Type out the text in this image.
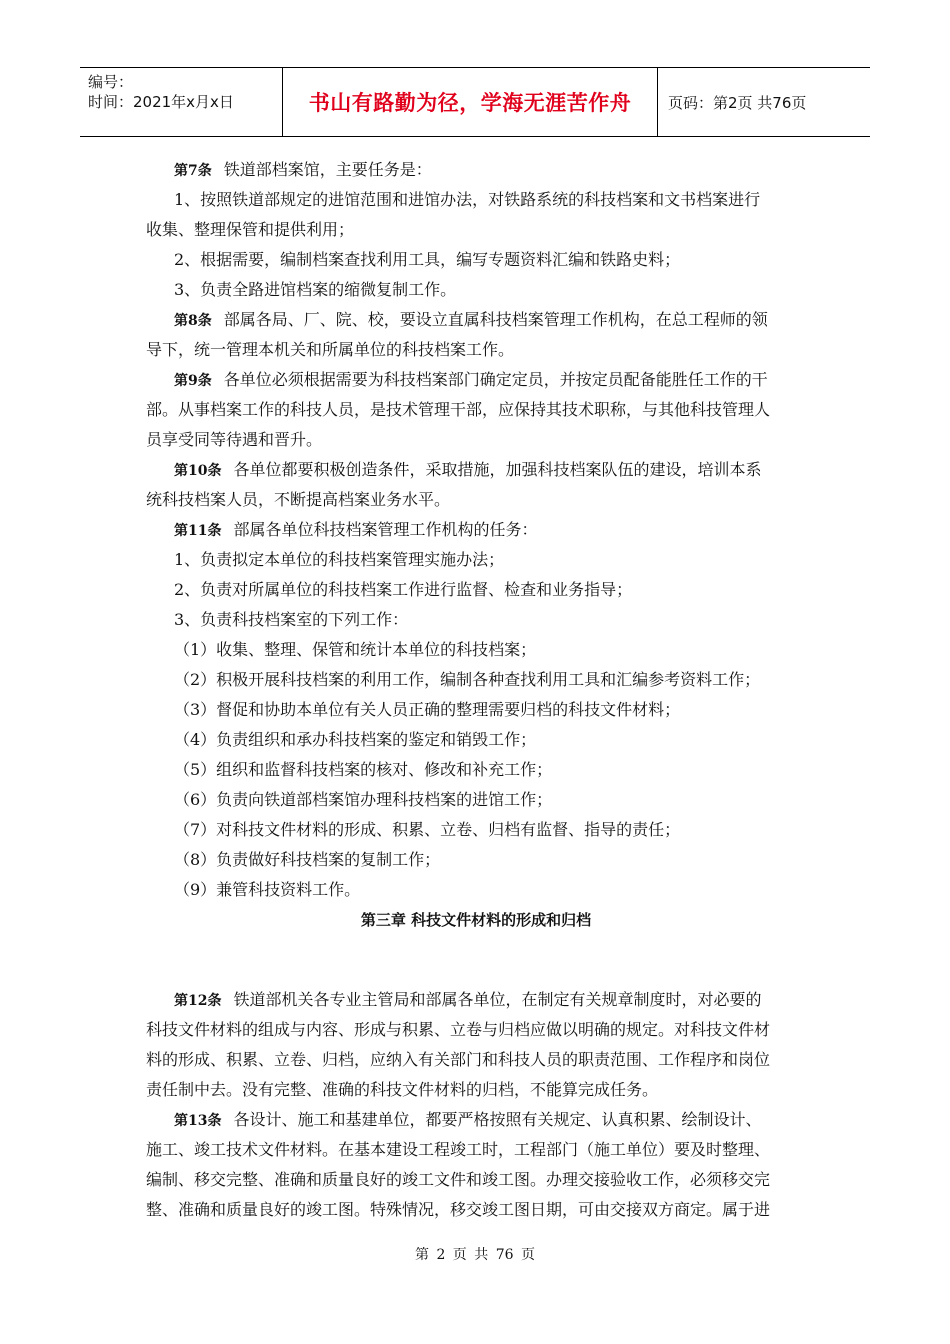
编号：
时间：2021年x月x日	书山有路勤为径，学海无涯苦作舟	页码：第2页 共76页
第7条 铁道部档案馆，主要任务是：
1、按照铁道部规定的进馆范围和进馆办法，对铁路系统的科技档案和文书档案进行
收集、整理保管和提供利用；
2、根据需要，编制档案查找利用工具，编写专题资料汇编和铁路史料；
3、负责全路进馆档案的缩微复制工作。
第8条 部属各局、厂、院、校，要设立直属科技档案管理工作机构，在总工程师的领
导下，统一管理本机关和所属单位的科技档案工作。
第9条 各单位必须根据需要为科技档案部门确定定员，并按定员配备能胜任工作的干
部。从事档案工作的科技人员，是技术管理干部，应保持其技术职称，与其他科技管理人
员享受同等待遇和晋升。
第10条 各单位都要积极创造条件，采取措施，加强科技档案队伍的建设，培训本系
统科技档案人员，不断提高档案业务水平。
第11条 部属各单位科技档案管理工作机构的任务：
1、负责拟定本单位的科技档案管理实施办法；
2、负责对所属单位的科技档案工作进行监督、检查和业务指导；
3、负责科技档案室的下列工作：
（1）收集、整理、保管和统计本单位的科技档案；
（2）积极开展科技档案的利用工作，编制各种查找利用工具和汇编参考资料工作；
（3）督促和协助本单位有关人员正确的整理需要归档的科技文件材料；
（4）负责组织和承办科技档案的鉴定和销毁工作；
（5）组织和监督科技档案的核对、修改和补充工作；
（6）负责向铁道部档案馆办理科技档案的进馆工作；
（7）对科技文件材料的形成、积累、立卷、归档有监督、指导的责任；
（8）负责做好科技档案的复制工作；
（9）兼管科技资料工作。
第三章 科技文件材料的形成和归档
第12条 铁道部机关各专业主管局和部属各单位，在制定有关规章制度时，对必要的
科技文件材料的组成与内容、形成与积累、立卷与归档应做以明确的规定。对科技文件材
料的形成、积累、立卷、归档，应纳入有关部门和科技人员的职责范围、工作程序和岗位
责任制中去。没有完整、准确的科技文件材料的归档，不能算完成任务。
第13条 各设计、施工和基建单位，都要严格按照有关规定、认真积累、绘制设计、
施工、竣工技术文件材料。在基本建设工程竣工时，工程部门（施工单位）要及时整理、
编制、移交完整、准确和质量良好的竣工文件和竣工图。办理交接验收工作，必须移交完
整、准确和质量良好的竣工图。特殊情况，移交竣工图日期，可由交接双方商定。属于进
第 2 页 共 76 页
